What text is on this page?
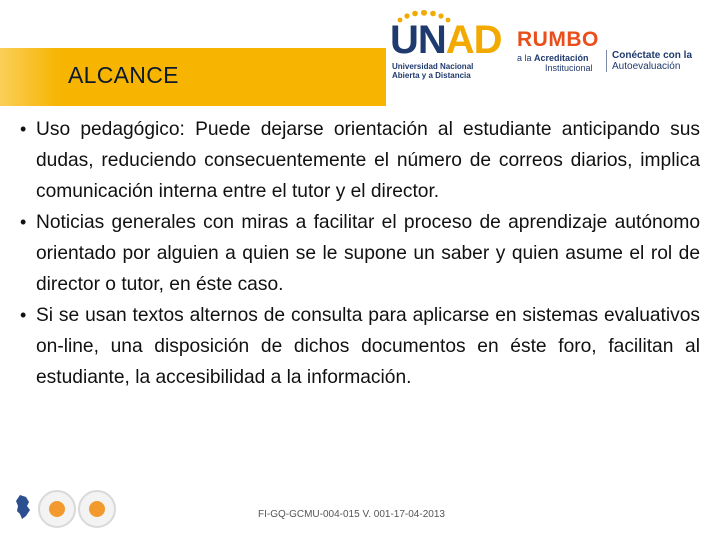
ALCANCE
UNAD
Universidad Nacional
Abierta y a Distancia
RUMBO
a la Acreditación
Institucional
Conéctate con la
Autoevaluación
• Uso pedagógico: Puede dejarse orientación al estudiante anticipando sus dudas, reduciendo consecuentemente el número de correos diarios, implica comunicación interna entre el tutor y el director.
• Noticias generales con miras a facilitar el proceso de aprendizaje autónomo orientado por alguien a quien se le supone un saber y quien asume el rol de director o tutor, en éste caso.
• Si se usan textos alternos de consulta para aplicarse en sistemas evaluativos on-line, una disposición de dichos documentos en éste foro, facilitan al estudiante, la accesibilidad a la información.
FI-GQ-GCMU-004-015 V. 001-17-04-2013
